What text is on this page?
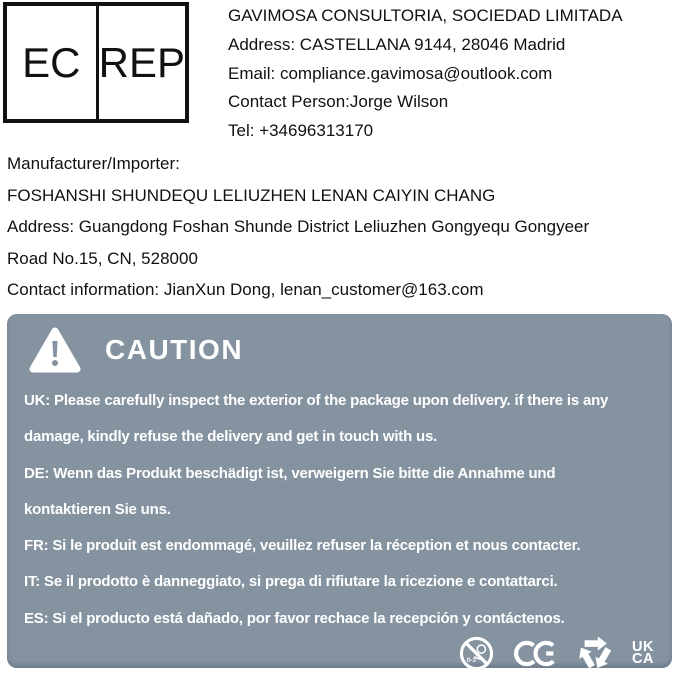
EC REP
GAVIMOSA CONSULTORIA, SOCIEDAD LIMITADA
Address: CASTELLANA 9144, 28046 Madrid
Email: compliance.gavimosa@outlook.com
Contact Person:Jorge Wilson
Tel: +34696313170
Manufacturer/Importer:
FOSHANSHI SHUNDEQU LELIUZHEN LENAN CAIYIN CHANG
Address: Guangdong Foshan Shunde District Leliuzhen Gongyequ Gongyeer
Road No.15, CN, 528000
Contact information: JianXun Dong, lenan_customer@163.com
CAUTION
UK: Please carefully inspect the exterior of the package upon delivery. if there is any
damage, kindly refuse the delivery and get in touch with us.
DE: Wenn das Produkt beschädigt ist, verweigern Sie bitte die Annahme und
kontaktieren Sie uns.
FR: Si le produit est endommagé, veuillez refuser la réception et nous contacter.
IT: Se il prodotto è danneggiato, si prega di rifiutare la ricezione e contattarci.
ES: Si el producto está dañado, por favor rechace la recepción y contáctenos.
0-3
UK
CA
